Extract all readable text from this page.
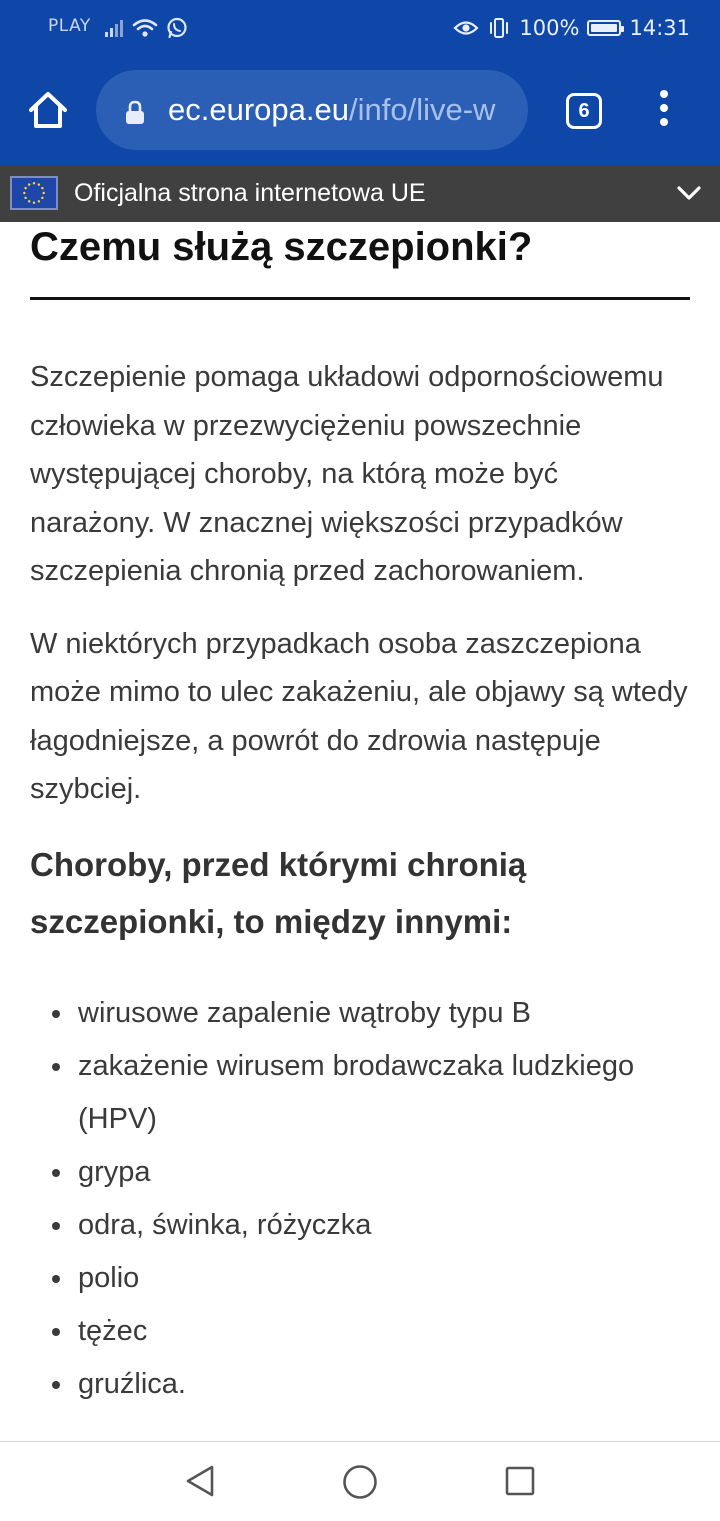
PLAY	100% 14:31
ec.europa.eu/info/live-w	6
Oficjalna strona internetowa UE
Czemu służą szczepionki?

Szczepienie pomaga układowi odpornościowemu człowieka w przezwyciężeniu powszechnie występującej choroby, na którą może być narażony. W znacznej większości przypadków szczepienia chronią przed zachorowaniem.

W niektórych przypadkach osoba zaszczepiona może mimo to ulec zakażeniu, ale objawy są wtedy łagodniejsze, a powrót do zdrowia następuje szybciej.

Choroby, przed którymi chronią szczepionki, to między innymi:
wirusowe zapalenie wątroby typu B
zakażenie wirusem brodawczaka ludzkiego (HPV)
grypa
odra, świnka, różyczka
polio
tężec
gruźlica.
